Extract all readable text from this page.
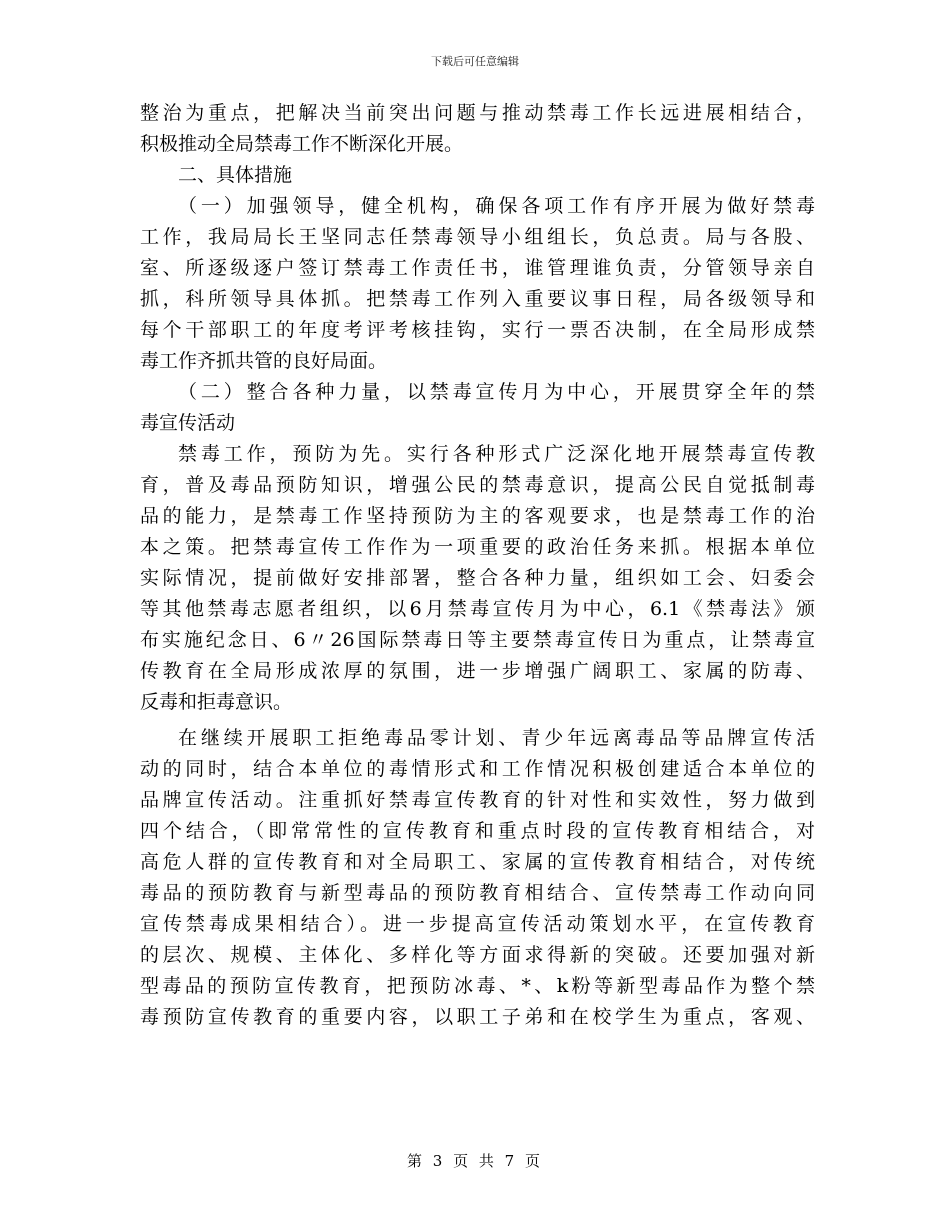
下载后可任意编辑
整治为重点，把解决当前突出问题与推动禁毒工作长远进展相结合，
积极推动全局禁毒工作不断深化开展。
二、具体措施
（一）加强领导，健全机构，确保各项工作有序开展为做好禁毒
工作，我局局长王坚同志任禁毒领导小组组长，负总责。局与各股、
室、所逐级逐户签订禁毒工作责任书，谁管理谁负责，分管领导亲自
抓，科所领导具体抓。把禁毒工作列入重要议事日程，局各级领导和
每个干部职工的年度考评考核挂钩，实行一票否决制，在全局形成禁
毒工作齐抓共管的良好局面。
（二）整合各种力量，以禁毒宣传月为中心，开展贯穿全年的禁
毒宣传活动
禁毒工作，预防为先。实行各种形式广泛深化地开展禁毒宣传教
育，普及毒品预防知识，增强公民的禁毒意识，提高公民自觉抵制毒
品的能力，是禁毒工作坚持预防为主的客观要求，也是禁毒工作的治
本之策。把禁毒宣传工作作为一项重要的政治任务来抓。根据本单位
实际情况，提前做好安排部署，整合各种力量，组织如工会、妇委会
等其他禁毒志愿者组织，以6月禁毒宣传月为中心，6.1《禁毒法》颁
布实施纪念日、6〃26国际禁毒日等主要禁毒宣传日为重点，让禁毒宣
传教育在全局形成浓厚的氛围，进一步增强广阔职工、家属的防毒、
反毒和拒毒意识。
在继续开展职工拒绝毒品零计划、青少年远离毒品等品牌宣传活
动的同时，结合本单位的毒情形式和工作情况积极创建适合本单位的
品牌宣传活动。注重抓好禁毒宣传教育的针对性和实效性，努力做到
四个结合，（即常常性的宣传教育和重点时段的宣传教育相结合，对
高危人群的宣传教育和对全局职工、家属的宣传教育相结合，对传统
毒品的预防教育与新型毒品的预防教育相结合、宣传禁毒工作动向同
宣传禁毒成果相结合）。进一步提高宣传活动策划水平，在宣传教育
的层次、规模、主体化、多样化等方面求得新的突破。还要加强对新
型毒品的预防宣传教育，把预防冰毒、*、k粉等新型毒品作为整个禁
毒预防宣传教育的重要内容，以职工子弟和在校学生为重点，客观、
第 3 页 共 7 页
